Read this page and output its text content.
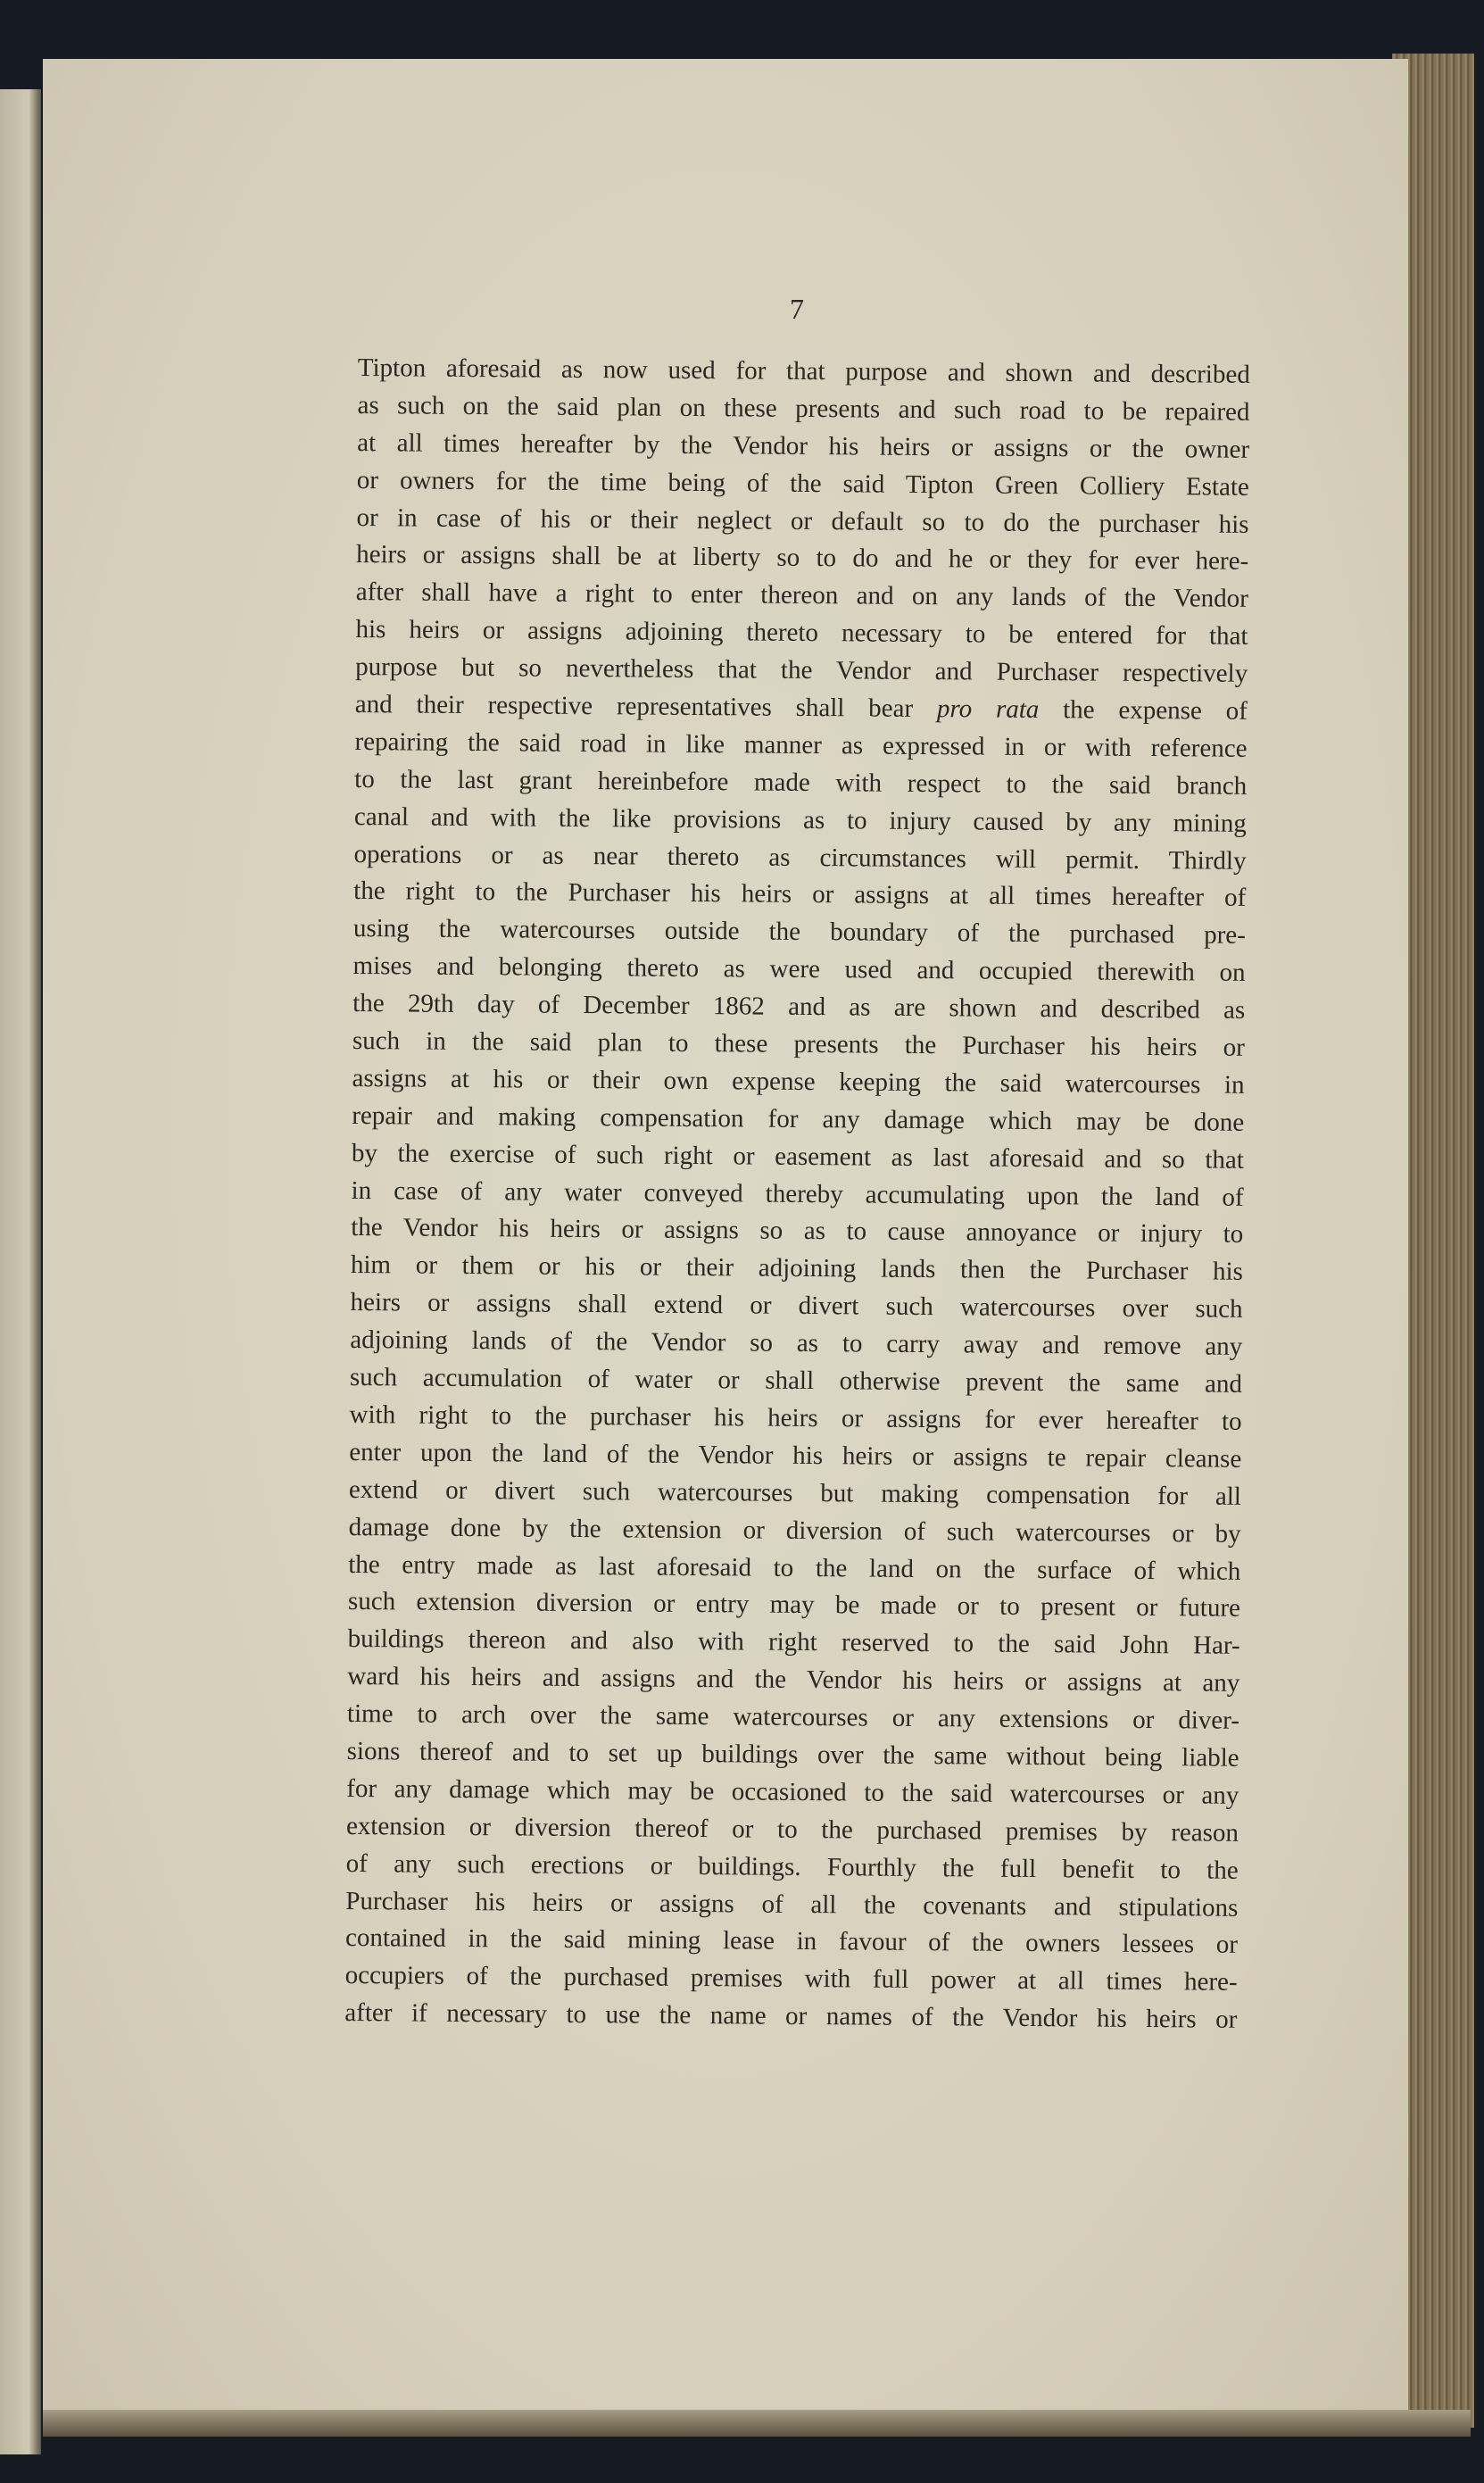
7
Tipton aforesaid as now used for that purpose and shown and described
as such on the said plan on these presents and such road to be repaired
at all times hereafter by the Vendor his heirs or assigns or the owner
or owners for the time being of the said Tipton Green Colliery Estate
or in case of his or their neglect or default so to do the purchaser his
heirs or assigns shall be at liberty so to do and he or they for ever here-
after shall have a right to enter thereon and on any lands of the Vendor
his heirs or assigns adjoining thereto necessary to be entered for that
purpose but so nevertheless that the Vendor and Purchaser respectively
and their respective representatives shall bear pro rata the expense of
repairing the said road in like manner as expressed in or with reference
to the last grant hereinbefore made with respect to the said branch
canal and with the like provisions as to injury caused by any mining
operations or as near thereto as circumstances will permit. Thirdly
the right to the Purchaser his heirs or assigns at all times hereafter of
using the watercourses outside the boundary of the purchased pre-
mises and belonging thereto as were used and occupied therewith on
the 29th day of December 1862 and as are shown and described as
such in the said plan to these presents the Purchaser his heirs or
assigns at his or their own expense keeping the said watercourses in
repair and making compensation for any damage which may be done
by the exercise of such right or easement as last aforesaid and so that
in case of any water conveyed thereby accumulating upon the land of
the Vendor his heirs or assigns so as to cause annoyance or injury to
him or them or his or their adjoining lands then the Purchaser his
heirs or assigns shall extend or divert such watercourses over such
adjoining lands of the Vendor so as to carry away and remove any
such accumulation of water or shall otherwise prevent the same and
with right to the purchaser his heirs or assigns for ever hereafter to
enter upon the land of the Vendor his heirs or assigns te repair cleanse
extend or divert such watercourses but making compensation for all
damage done by the extension or diversion of such watercourses or by
the entry made as last aforesaid to the land on the surface of which
such extension diversion or entry may be made or to present or future
buildings thereon and also with right reserved to the said John Har-
ward his heirs and assigns and the Vendor his heirs or assigns at any
time to arch over the same watercourses or any extensions or diver-
sions thereof and to set up buildings over the same without being liable
for any damage which may be occasioned to the said watercourses or any
extension or diversion thereof or to the purchased premises by reason
of any such erections or buildings. Fourthly the full benefit to the
Purchaser his heirs or assigns of all the covenants and stipulations
contained in the said mining lease in favour of the owners lessees or
occupiers of the purchased premises with full power at all times here-
after if necessary to use the name or names of the Vendor his heirs or
